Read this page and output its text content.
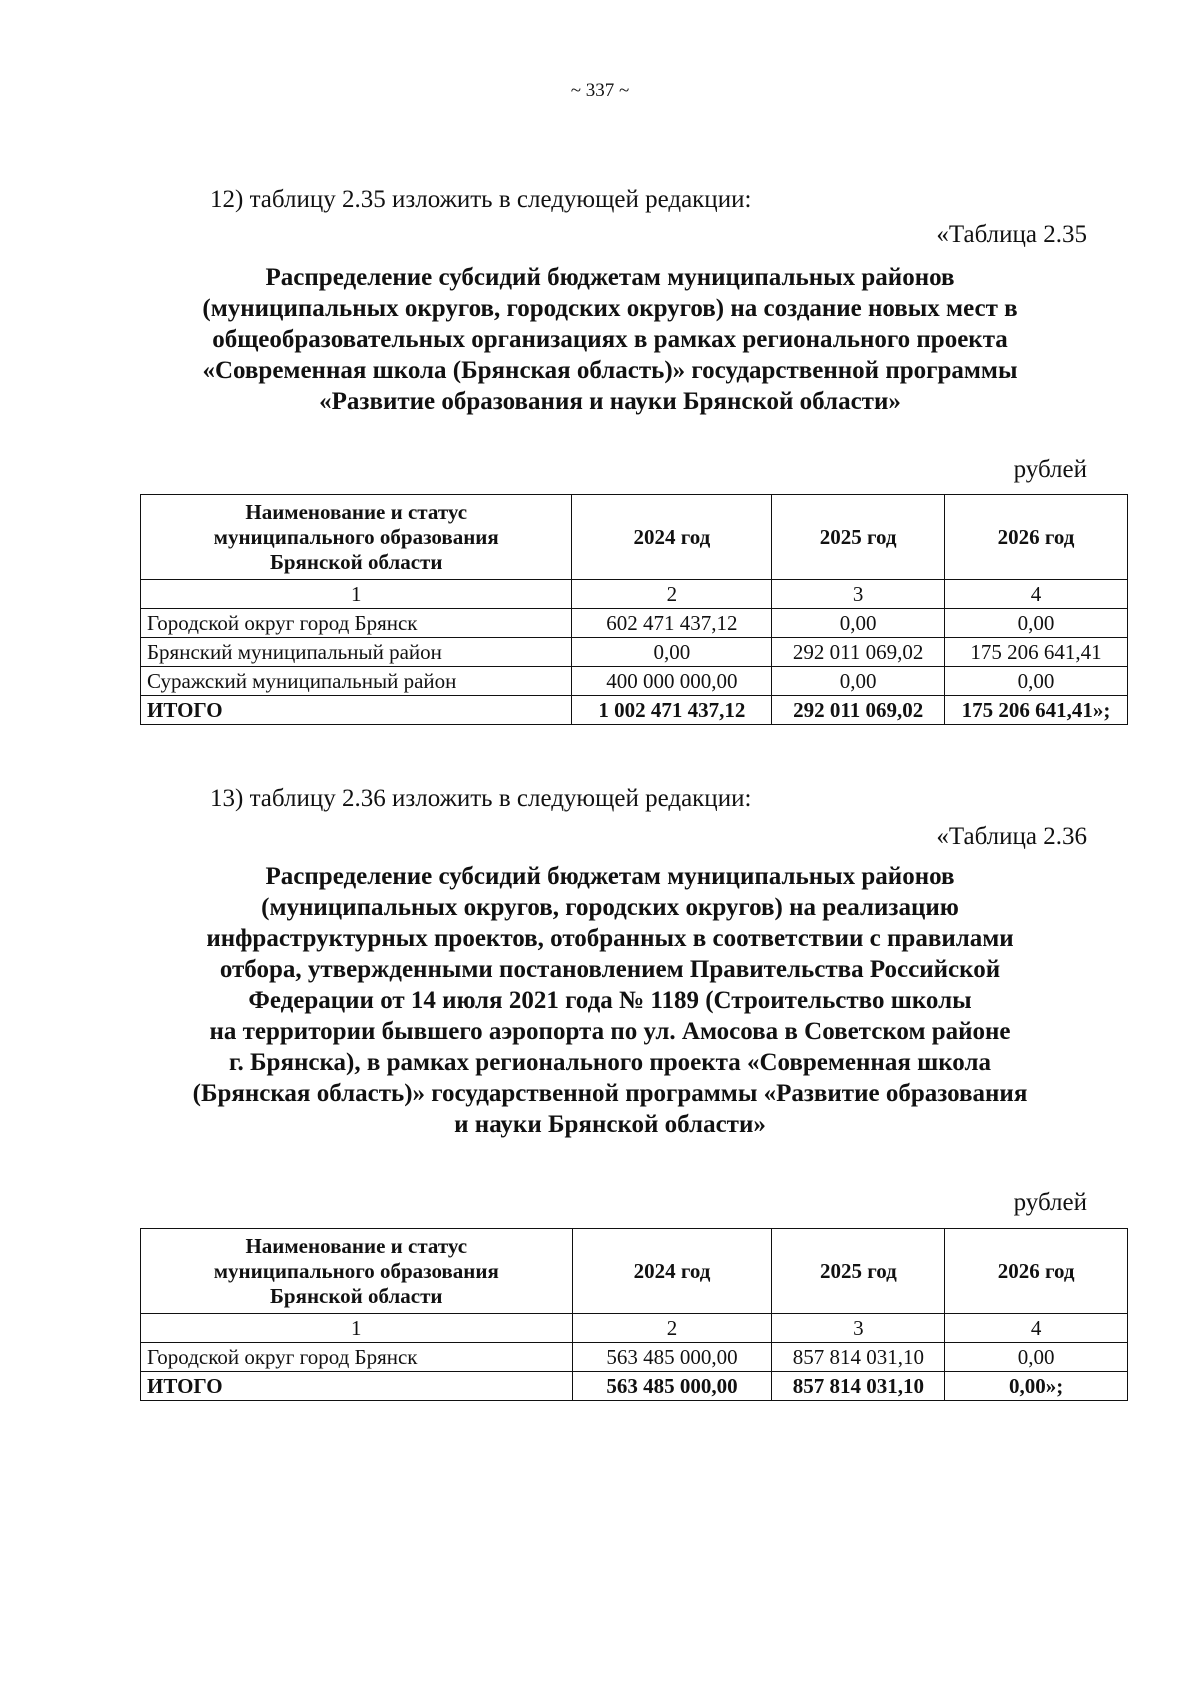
~ 337 ~
12) таблицу 2.35 изложить в следующей редакции:
«Таблица 2.35
Распределение субсидий бюджетам муниципальных районов
(муниципальных округов, городских округов) на создание новых мест в
общеобразовательных организациях в рамках регионального проекта
«Современная школа (Брянская область)» государственной программы
«Развитие образования и науки Брянской области»
рублей
Наименование и статус
муниципального образования
Брянской области	2024 год	2025 год	2026 год
1	2	3	4
Городской округ город Брянск	602 471 437,12	0,00	0,00
Брянский муниципальный район	0,00	292 011 069,02	175 206 641,41
Суражский муниципальный район	400 000 000,00	0,00	0,00
ИТОГО	1 002 471 437,12	292 011 069,02	175 206 641,41»;
13) таблицу 2.36 изложить в следующей редакции:
«Таблица 2.36
Распределение субсидий бюджетам муниципальных районов
(муниципальных округов, городских округов) на реализацию
инфраструктурных проектов, отобранных в соответствии с правилами
отбора, утвержденными постановлением Правительства Российской
Федерации от 14 июля 2021 года № 1189 (Строительство школы
на территории бывшего аэропорта по ул. Амосова в Советском районе
г. Брянска), в рамках регионального проекта «Современная школа
(Брянская область)» государственной программы «Развитие образования
и науки Брянской области»
рублей
Наименование и статус
муниципального образования
Брянской области	2024 год	2025 год	2026 год
1	2	3	4
Городской округ город Брянск	563 485 000,00	857 814 031,10	0,00
ИТОГО	563 485 000,00	857 814 031,10	0,00»;
